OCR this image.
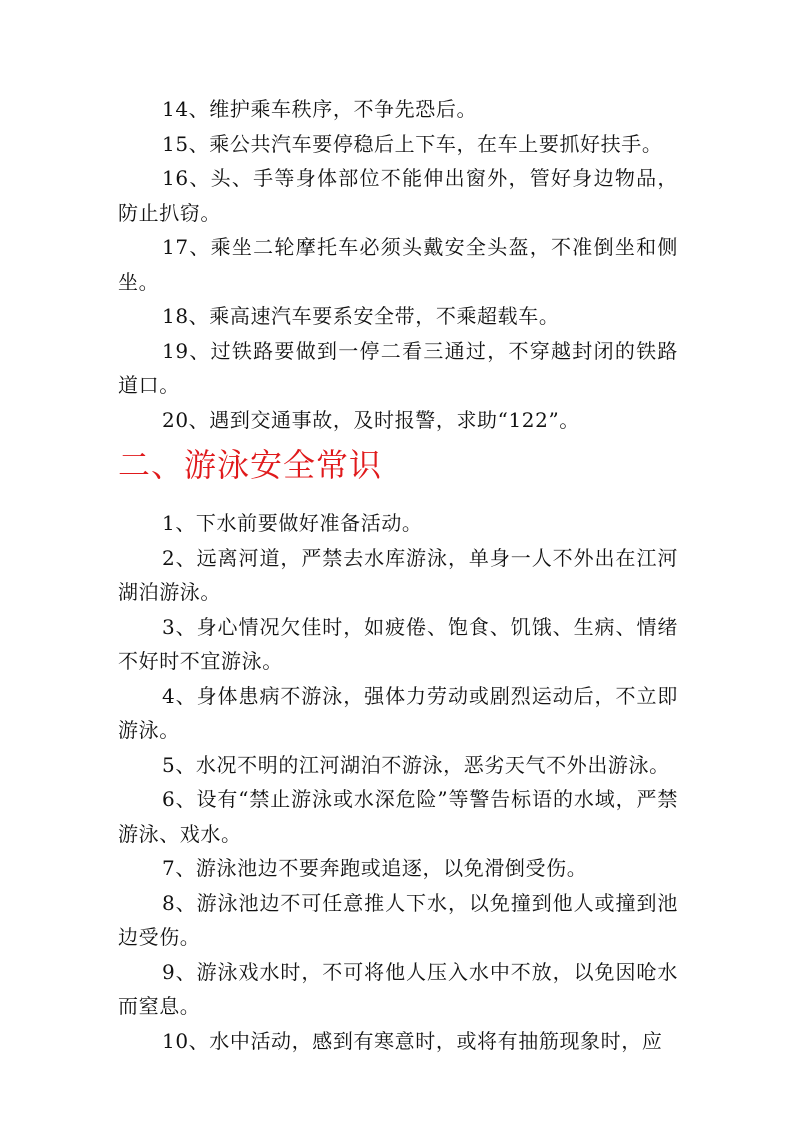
14、维护乘车秩序，不争先恐后。

15、乘公共汽车要停稳后上下车，在车上要抓好扶手。

16、头、手等身体部位不能伸出窗外，管好身边物品，防止扒窃。

17、乘坐二轮摩托车必须头戴安全头盔，不准倒坐和侧坐。

18、乘高速汽车要系安全带，不乘超载车。

19、过铁路要做到一停二看三通过，不穿越封闭的铁路道口。

20、遇到交通事故，及时报警，求助“122”。

二、游泳安全常识

1、下水前要做好准备活动。

2、远离河道，严禁去水库游泳，单身一人不外出在江河湖泊游泳。

3、身心情况欠佳时，如疲倦、饱食、饥饿、生病、情绪不好时不宜游泳。

4、身体患病不游泳，强体力劳动或剧烈运动后，不立即游泳。

5、水况不明的江河湖泊不游泳，恶劣天气不外出游泳。

6、设有“禁止游泳或水深危险”等警告标语的水域，严禁游泳、戏水。

7、游泳池边不要奔跑或追逐，以免滑倒受伤。

8、游泳池边不可任意推人下水，以免撞到他人或撞到池边受伤。

9、游泳戏水时，不可将他人压入水中不放，以免因呛水而窒息。

10、水中活动，感到有寒意时，或将有抽筋现象时，应
